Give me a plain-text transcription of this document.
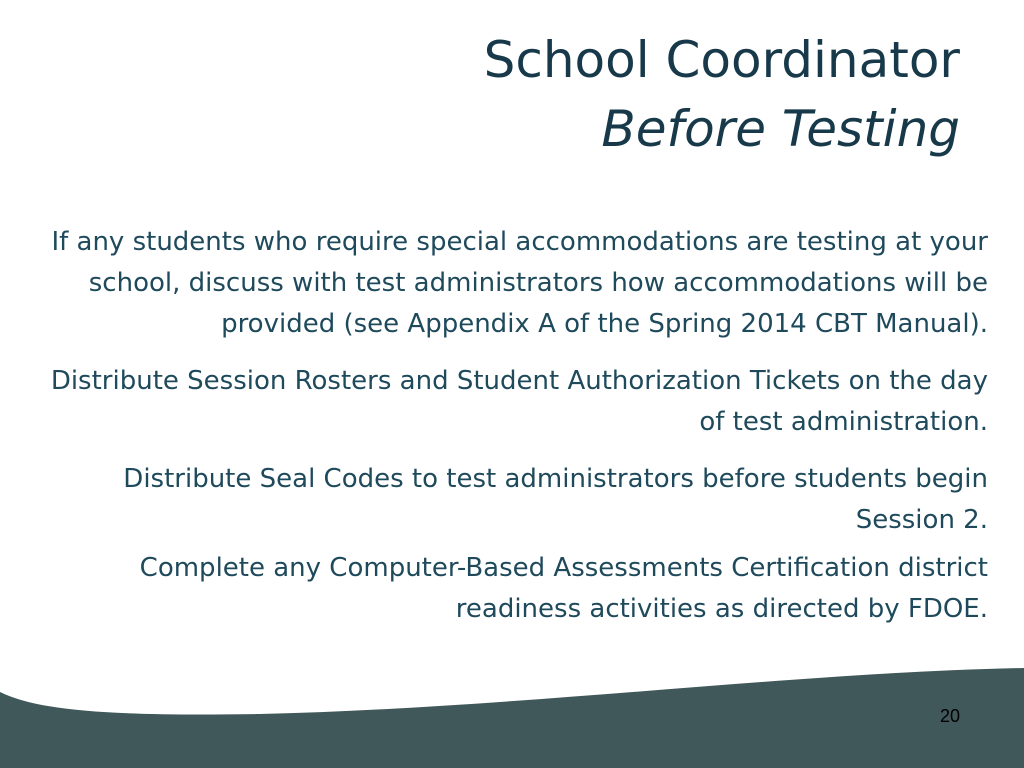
School Coordinator
Before Testing

If any students who require special accommodations are testing at your school, discuss with test administrators how accommodations will be provided (see Appendix A of the Spring 2014 CBT Manual).

Distribute Session Rosters and Student Authorization Tickets on the day of test administration.

Distribute Seal Codes to test administrators before students begin Session 2.

Complete any Computer-Based Assessments Certification district readiness activities as directed by FDOE.

20
